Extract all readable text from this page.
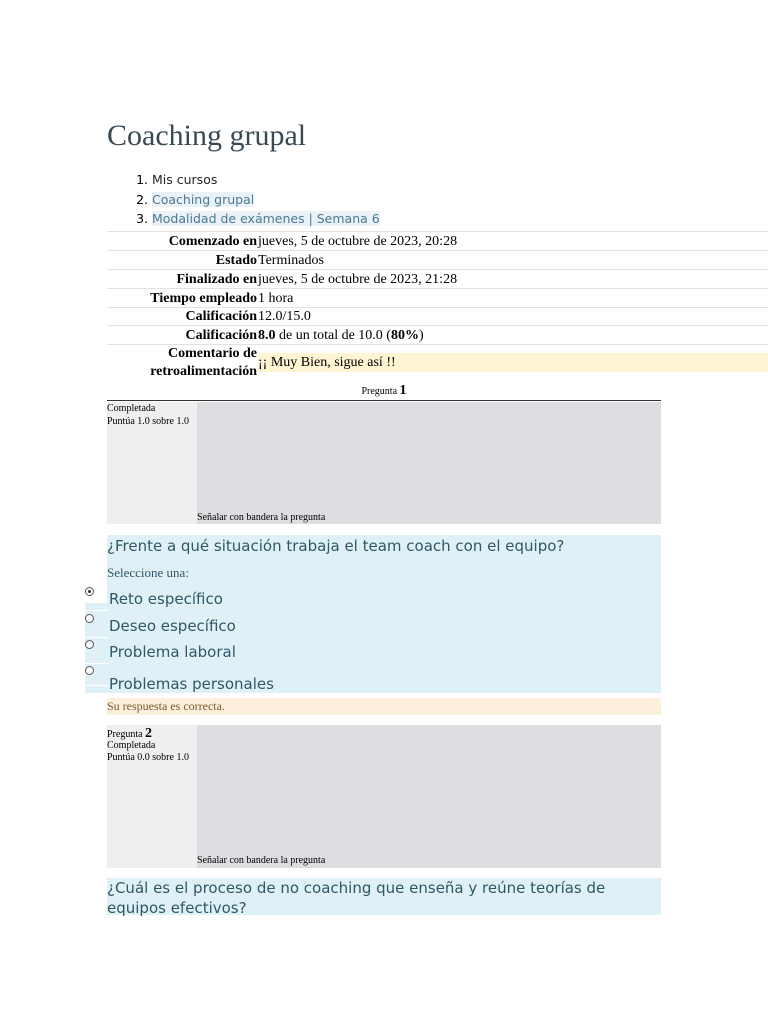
Coaching grupal
1. Mis cursos
2. Coaching grupal
3. Modalidad de exámenes | Semana 6
Comenzado en jueves, 5 de octubre de 2023, 20:28
Estado Terminados
Finalizado en jueves, 5 de octubre de 2023, 21:28
Tiempo empleado 1 hora
Calificación 12.0/15.0
Calificación 8.0 de un total de 10.0 (80%)
Comentario de
retroalimentación
¡¡ Muy Bien, sigue así !!
Pregunta 1
Completada
Puntúa 1.0 sobre 1.0
Señalar con bandera la pregunta
¿Frente a qué situación trabaja el team coach con el equipo?
Seleccione una:
Reto específico
Deseo específico
Problema laboral
Problemas personales
Su respuesta es correcta.
Pregunta 2
Completada
Puntúa 0.0 sobre 1.0
Señalar con bandera la pregunta
¿Cuál es el proceso de no coaching que enseña y reúne teorías de equipos efectivos?
